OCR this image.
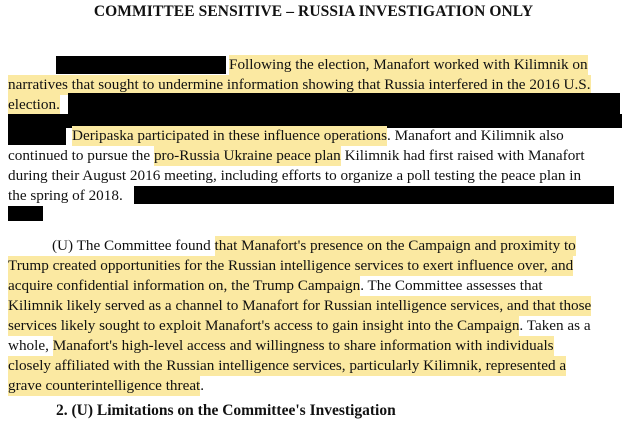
COMMITTEE SENSITIVE – RUSSIA INVESTIGATION ONLY

Following the election, Manafort worked with Kilimnik on

narratives that sought to undermine information showing that Russia interfered in the 2016 U.S.

election.

Deripaska participated in these influence operations. Manafort and Kilimnik also

continued to pursue the pro-Russia Ukraine peace plan Kilimnik had first raised with Manafort

during their August 2016 meeting, including efforts to organize a poll testing the peace plan in

the spring of 2018.

(U) The Committee found that Manafort's presence on the Campaign and proximity to

Trump created opportunities for the Russian intelligence services to exert influence over, and

acquire confidential information on, the Trump Campaign. The Committee assesses that

Kilimnik likely served as a channel to Manafort for Russian intelligence services, and that those

services likely sought to exploit Manafort's access to gain insight into the Campaign. Taken as a

whole, Manafort's high-level access and willingness to share information with individuals

closely affiliated with the Russian intelligence services, particularly Kilimnik, represented a

grave counterintelligence threat.

2. (U) Limitations on the Committee's Investigation
